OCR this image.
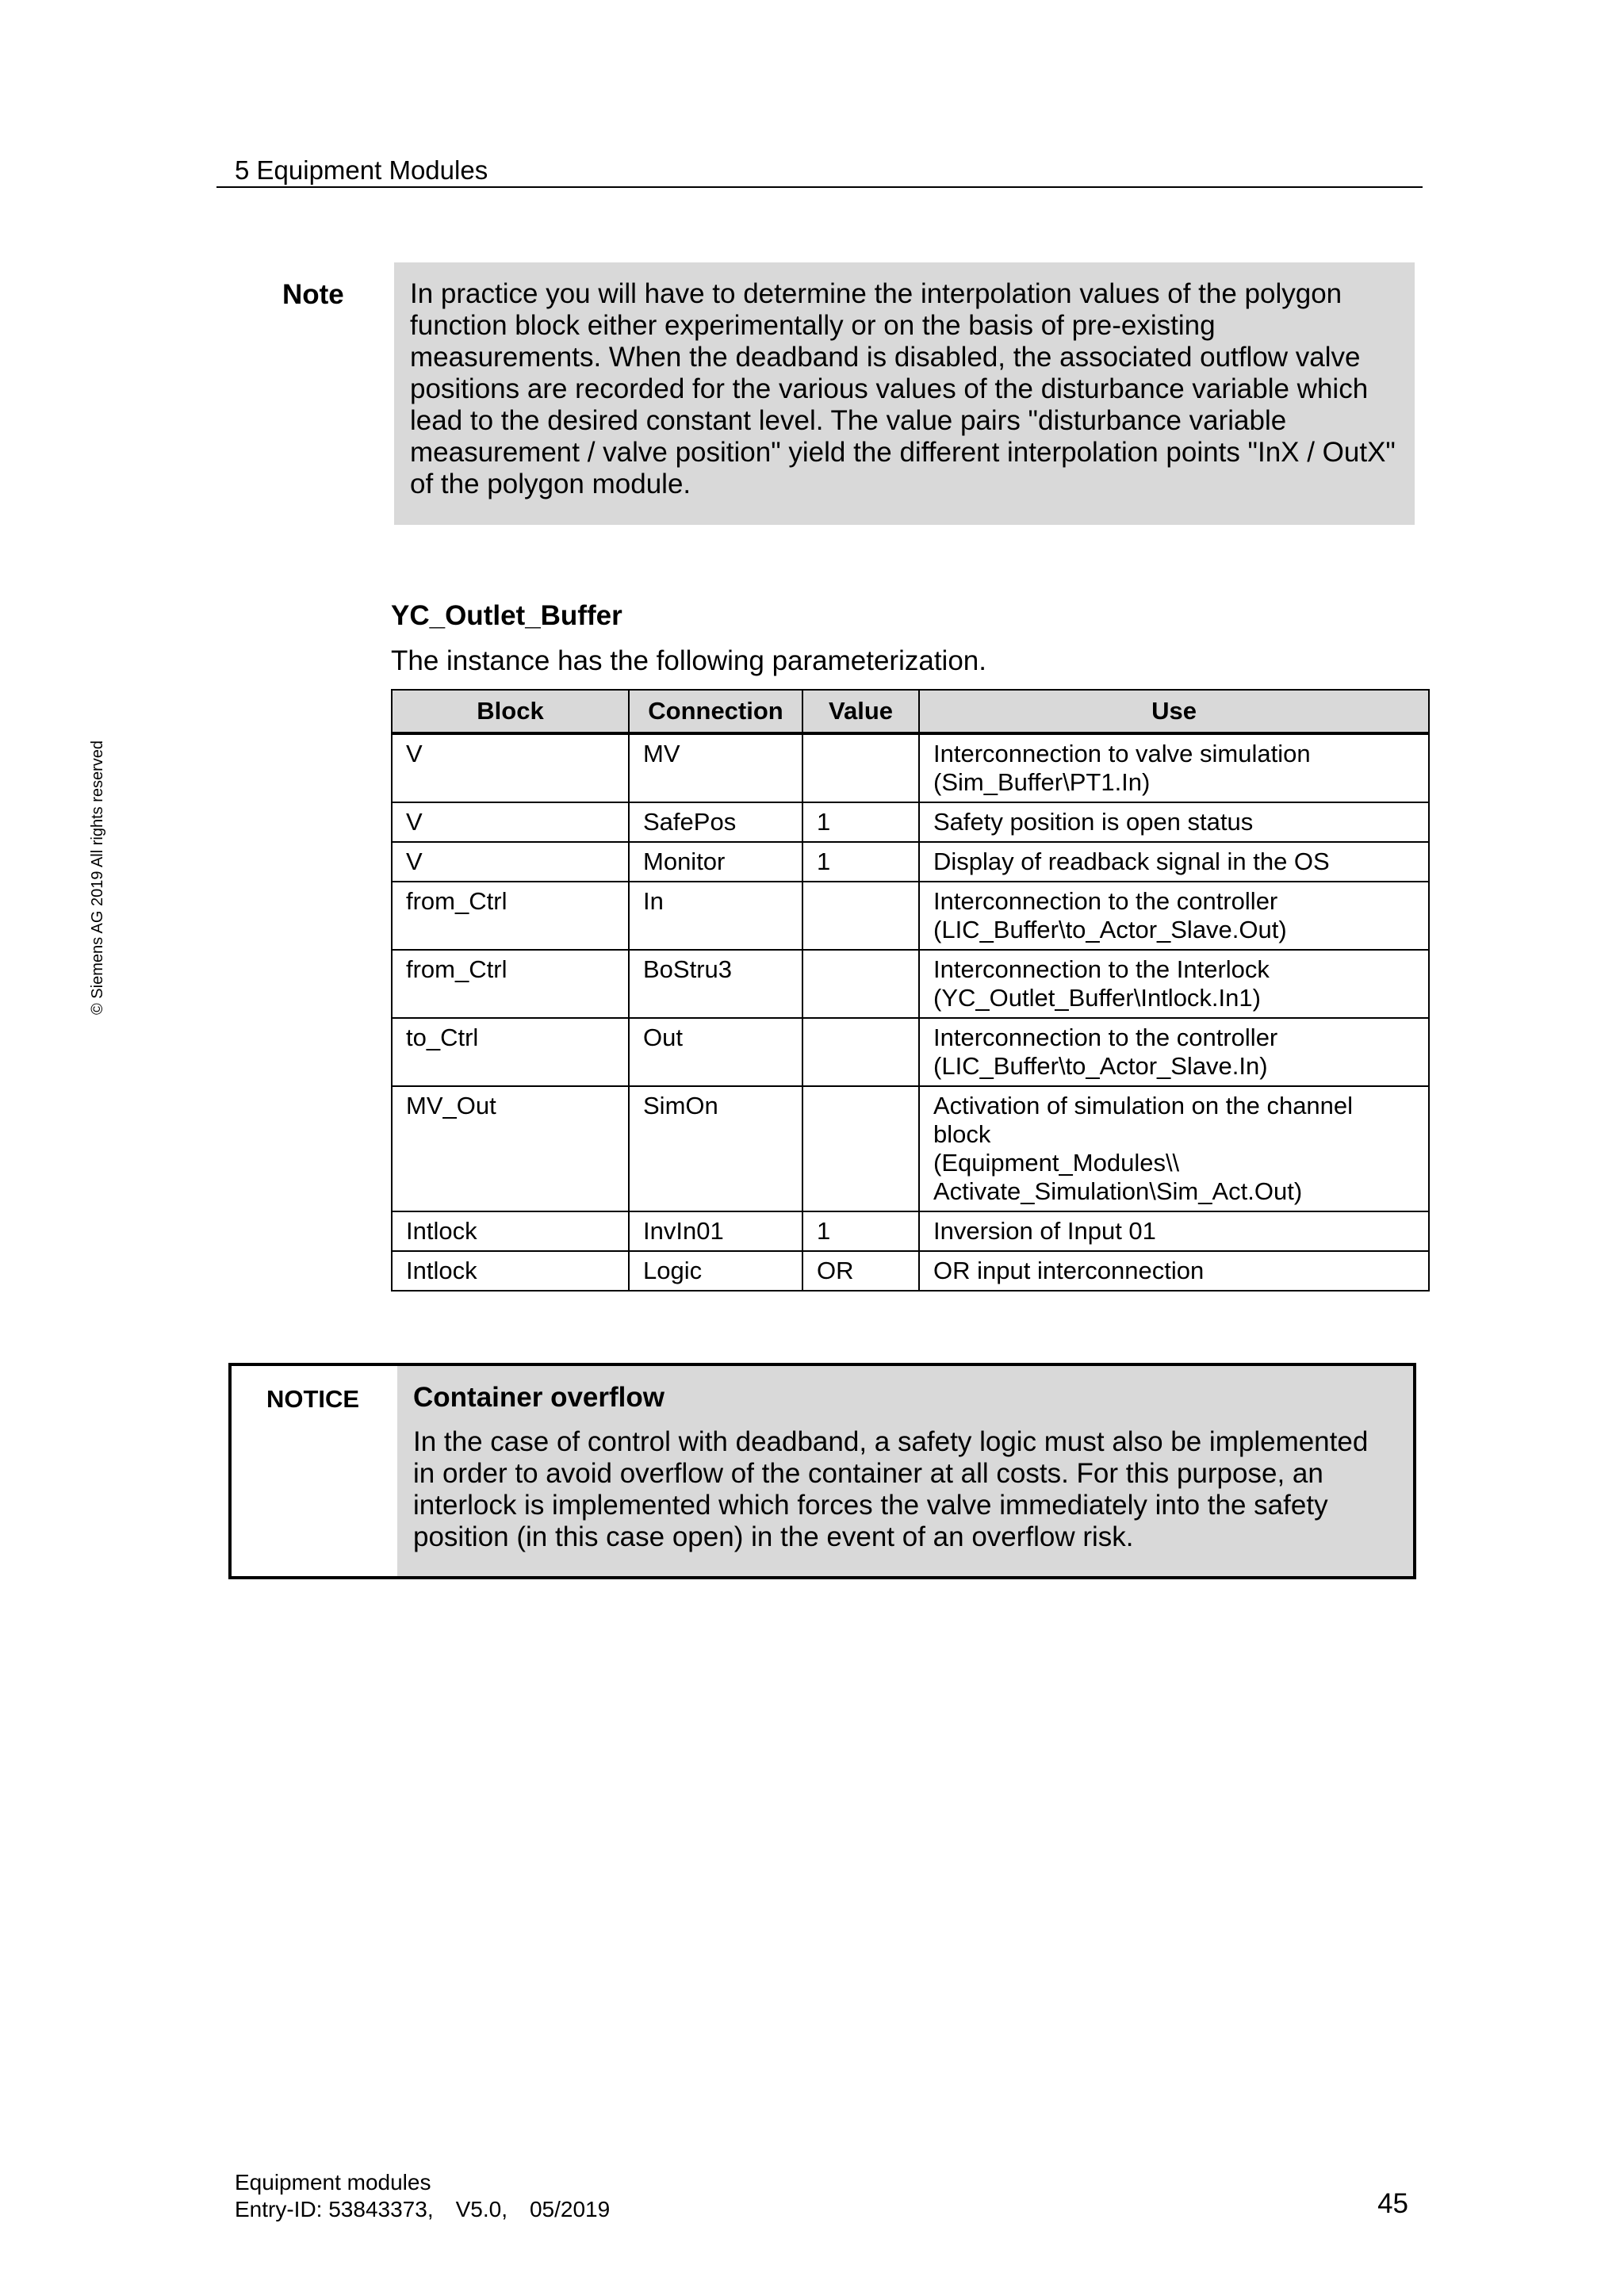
5 Equipment Modules
Note In practice you will have to determine the interpolation values of the polygon function block either experimentally or on the basis of pre-existing measurements. When the deadband is disabled, the associated outflow valve positions are recorded for the various values of the disturbance variable which lead to the desired constant level. The value pairs "disturbance variable measurement / valve position" yield the different interpolation points "InX / OutX" of the polygon module.
YC_Outlet_Buffer
The instance has the following parameterization.
Block	Connection	Value	Use
V	MV		Interconnection to valve simulation
(Sim_Buffer\PT1.In)
V	SafePos	1	Safety position is open status
V	Monitor	1	Display of readback signal in the OS
from_Ctrl	In		Interconnection to the controller
(LIC_Buffer\to_Actor_Slave.Out)
from_Ctrl	BoStru3		Interconnection to the Interlock
(YC_Outlet_Buffer\Intlock.In1)
to_Ctrl	Out		Interconnection to the controller
(LIC_Buffer\to_Actor_Slave.In)
MV_Out	SimOn		Activation of simulation on the channel
block
(Equipment_Modules\\
Activate_Simulation\Sim_Act.Out)
Intlock	InvIn01	1	Inversion of Input 01
Intlock	Logic	OR	OR input interconnection
© Siemens AG 2019 All rights reserved
NOTICE Container overflow
In the case of control with deadband, a safety logic must also be implemented in order to avoid overflow of the container at all costs. For this purpose, an interlock is implemented which forces the valve immediately into the safety position (in this case open) in the event of an overflow risk.
Equipment modules
Entry-ID: 53843373, V5.0, 05/2019	45
